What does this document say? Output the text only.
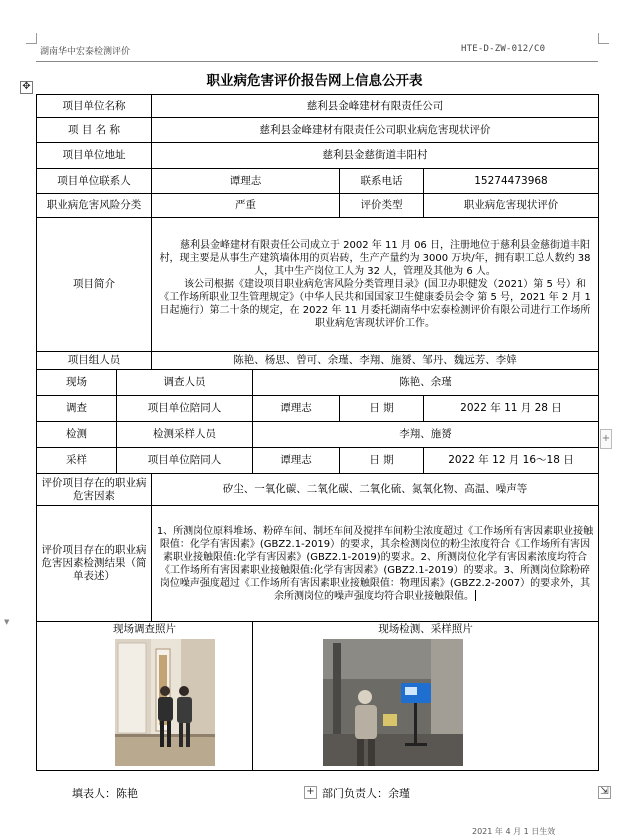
湖南华中宏泰检测评价	HTE-D-ZW-012/C0
职业病危害评价报告网上信息公开表
✥
项目单位名称		慈利县金峰建材有限责任公司			
项 目 名 称		慈利县金峰建材有限责任公司职业病危害现状评价			
项目单位地址		慈利县金慈街道丰阳村			
项目单位联系人		谭理志		联系电话	15274473968
职业病危害风险分类		严重		评价类型	职业病危害现状评价
项目简介		慈利县金峰建材有限责任公司成立于 2002 年 11 月 06 日，注册地位于慈利县金慈街道丰阳村，现主要是从事生产建筑墙体用的页岩砖，生产产量约为 3000 万块/年，拥有职工总人数约 38 人，其中生产岗位工人为 32 人，管理及其他为 6 人。

该公司根据《建设项目职业病危害风险分类管理目录》(国卫办职健发（2021）第 5 号）和《工作场所职业卫生管理规定》（中华人民共和国国家卫生健康委员会令 第 5 号，2021 年 2 月 1 日起施行）第二十条的规定，在 2022 年 11 月委托湖南华中宏泰检测评价有限公司进行工作场所职业病危害现状评价工作。			

项目组人员		陈艳、杨思、曾可、余瑾、李翔、施赟、邹丹、魏远芳、李婞			
现场	调查人员		陈艳、余瑾		
调查	项目单位陪同人		谭理志	日 期	2022 年 11 月 28 日
检测	检测采样人员		李翔、施赟		
采样	项目单位陪同人		谭理志	日 期	2022 年 12 月 16～18 日
评价项目存在的职业病危害因素		矽尘、一氧化碳、二氧化碳、二氧化硫、氮氧化物、高温、噪声等			
评价项目存在的职业病危害因素检测结果（简单表述）		1、所测岗位原料堆场、粉碎车间、制坯车间及搅拌车间粉尘浓度超过《工作场所有害因素职业接触限值：化学有害因素》(GBZ2.1-2019）的要求，其余检测岗位的粉尘浓度符合《工作场所有害因素职业接触限值:化学有害因素》(GBZ2.1-2019)的要求。2、所测岗位化学有害因素浓度均符合《工作场所有害因素职业接触限值:化学有害因素》(GBZ2.1-2019）的要求。3、所测岗位除粉碎岗位噪声强度超过《工作场所有害因素职业接触限值：物理因素》(GBZ2.2-2007）的要求外，其余所测岗位的噪声强度均符合职业接触限值。			

现场调查照片			现场检测、采样照片		
填表人：陈艳	+ 部门负责人：余瑾	⇲
+
▼
2021 年 4 月 1 日生效
